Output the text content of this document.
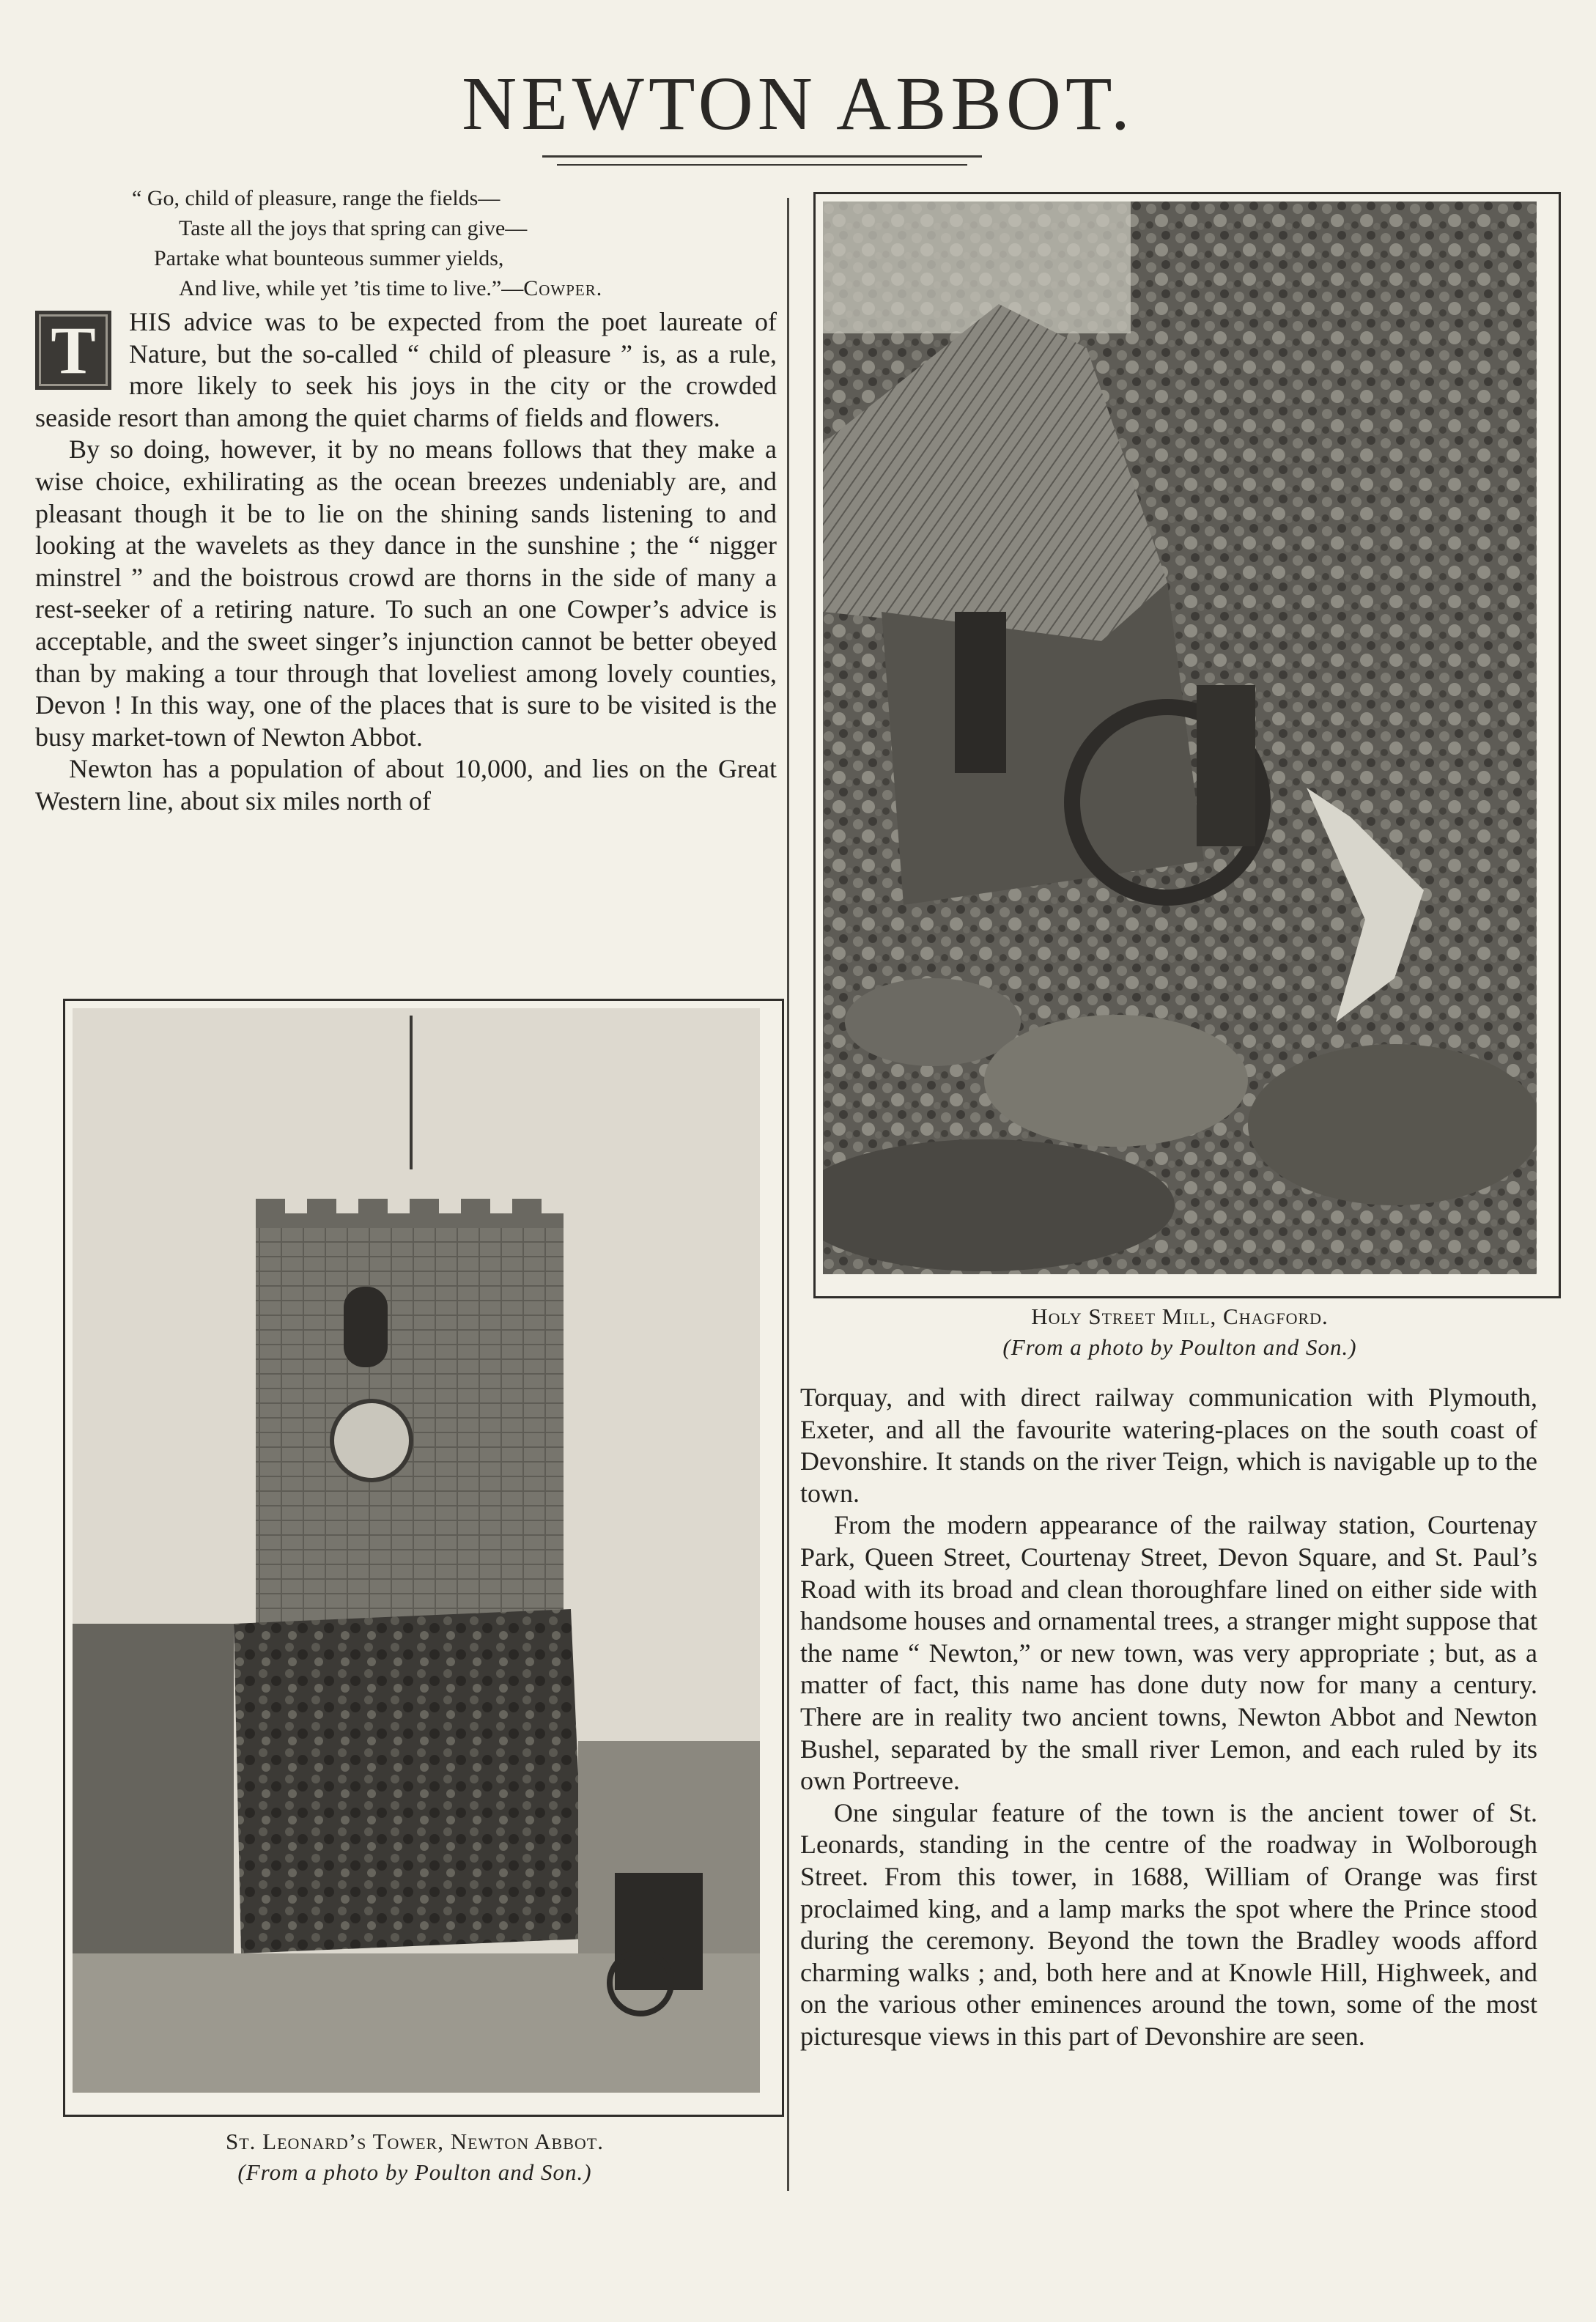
NEWTON ABBOT.
“ Go, child of pleasure, range the fields—
Taste all the joys that spring can give—
Partake what bounteous summer yields,
And live, while yet ’tis time to live.”—Cowper.

T	HIS advice was to be expected from the poet laureate of Nature, but the so-called “ child of pleasure ” is, as a rule, more likely to seek his joys in the city or the crowded seaside resort than among the quiet charms of fields and flowers.

By so doing, however, it by no means follows that they make a wise choice, exhilirating as the ocean breezes undeniably are, and pleasant though it be to lie on the shining sands listening to and looking at the wavelets as they dance in the sunshine ; the “ nigger minstrel ” and the boistrous crowd are thorns in the side of many a rest-seeker of a retiring nature. To such an one Cowper’s advice is acceptable, and the sweet singer’s injunction cannot be better obeyed than by making a tour through that loveliest among lovely counties, Devon ! In this way, one of the places that is sure to be visited is the busy market-town of Newton Abbot.

Newton has a population of about 10,000, and lies on the Great Western line, about six miles north of

Holy Street Mill, Chagford.
(From a photo by Poulton and Son.)
St. Leonard’s Tower, Newton Abbot.
(From a photo by Poulton and Son.)

Torquay, and with direct railway communication with Plymouth, Exeter, and all the favourite watering-places on the south coast of Devonshire. It stands on the river Teign, which is navigable up to the town.

From the modern appearance of the railway station, Courtenay Park, Queen Street, Courtenay Street, Devon Square, and St. Paul’s Road with its broad and clean thoroughfare lined on either side with handsome houses and ornamental trees, a stranger might suppose that the name “ Newton,” or new town, was very appropriate ; but, as a matter of fact, this name has done duty now for many a century. There are in reality two ancient towns, Newton Abbot and Newton Bushel, separated by the small river Lemon, and each ruled by its own Portreeve.

One singular feature of the town is the ancient tower of St. Leonards, standing in the centre of the roadway in Wolborough Street. From this tower, in 1688, William of Orange was first proclaimed king, and a lamp marks the spot where the Prince stood during the ceremony. Beyond the town the Bradley woods afford charming walks ; and, both here and at Knowle Hill, Highweek, and on the various other eminences around the town, some of the most picturesque views in this part of Devonshire are seen.
